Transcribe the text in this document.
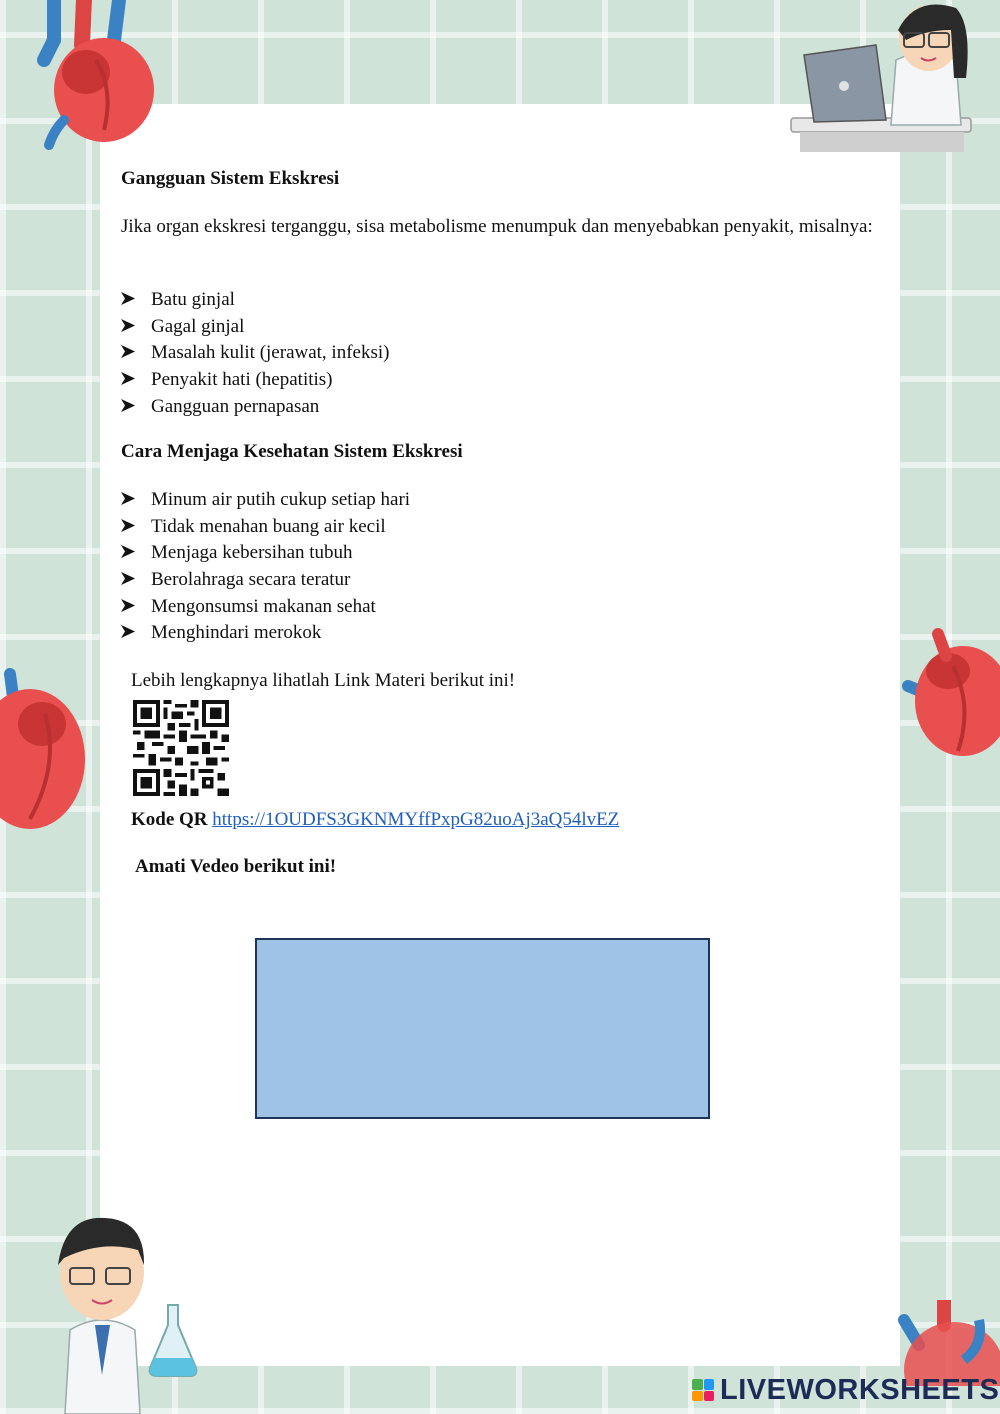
Gangguan Sistem Ekskresi
Jika organ ekskresi terganggu, sisa metabolisme menumpuk dan menyebabkan penyakit, misalnya:
Batu ginjal
Gagal ginjal
Masalah kulit (jerawat, infeksi)
Penyakit hati (hepatitis)
Gangguan pernapasan
Cara Menjaga Kesehatan Sistem Ekskresi
Minum air putih cukup setiap hari
Tidak menahan buang air kecil
Menjaga kebersihan tubuh
Berolahraga secara teratur
Mengonsumsi makanan sehat
Menghindari merokok
Lebih lengkapnya lihatlah Link Materi berikut ini!
Kode QR https://1OUDFS3GKNMYffPxpG82uoAj3aQ54lvEZ
Amati Vedeo berikut ini!
LIVEWORKSHEETS
